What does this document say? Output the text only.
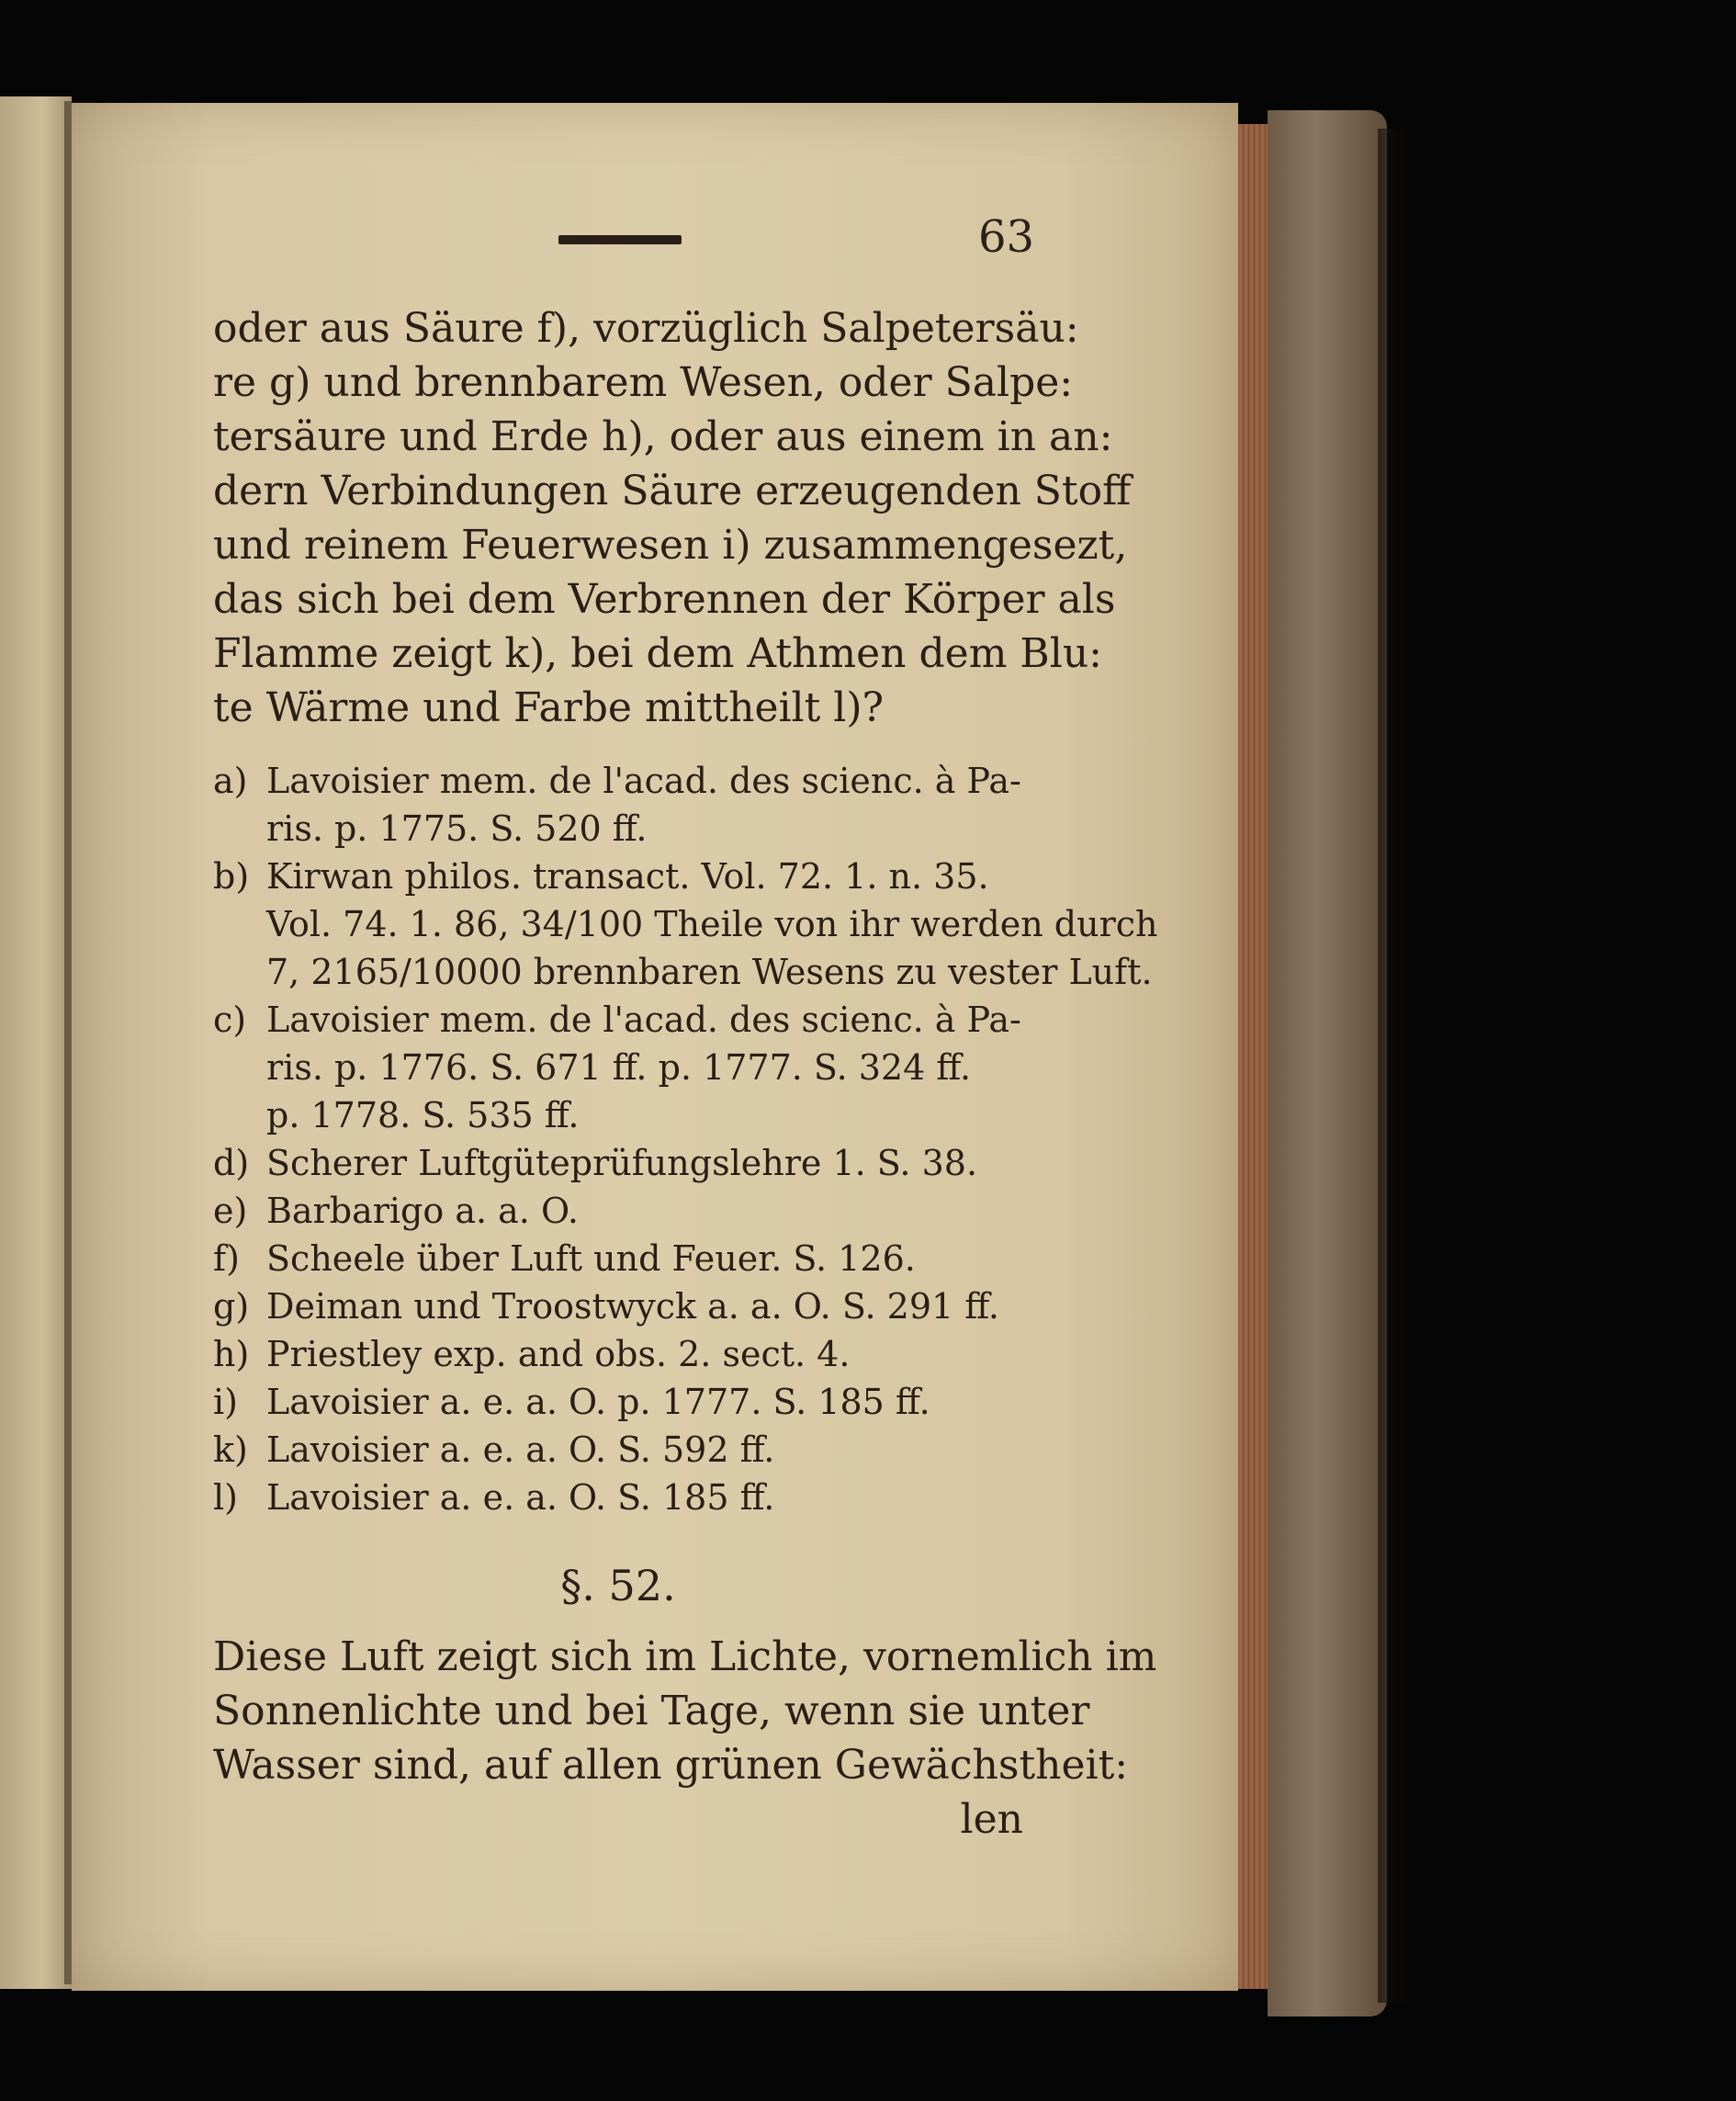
63
oder aus Säure f), vorzüglich Salpetersäu:
re g) und brennbarem Wesen, oder Salpe:
tersäure und Erde h), oder aus einem in an:
dern Verbindungen Säure erzeugenden Stoff
und reinem Feuerwesen i) zusammengesezt,
das sich bei dem Verbrennen der Körper als
Flamme zeigt k), bei dem Athmen dem Blu:
te Wärme und Farbe mittheilt l)?
a) Lavoisier mem. de l'acad. des scienc. à Pa-
ris. p. 1775. S. 520 ff.
b) Kirwan philos. transact. Vol. 72. 1. n. 35.
Vol. 74. 1. 86, 34/100 Theile von ihr werden durch
7, 2165/10000 brennbaren Wesens zu vester Luft.
c) Lavoisier mem. de l'acad. des scienc. à Pa-
ris. p. 1776. S. 671 ff. p. 1777. S. 324 ff.
p. 1778. S. 535 ff.
d) Scherer Luftgüteprüfungslehre 1. S. 38.
e) Barbarigo a. a. O.
f) Scheele über Luft und Feuer. S. 126.
g) Deiman und Troostwyck a. a. O. S. 291 ff.
h) Priestley exp. and obs. 2. sect. 4.
i) Lavoisier a. e. a. O. p. 1777. S. 185 ff.
k) Lavoisier a. e. a. O. S. 592 ff.
l) Lavoisier a. e. a. O. S. 185 ff.
§. 52.
Diese Luft zeigt sich im Lichte, vornemlich im
Sonnenlichte und bei Tage, wenn sie unter
Wasser sind, auf allen grünen Gewächstheit:
len
